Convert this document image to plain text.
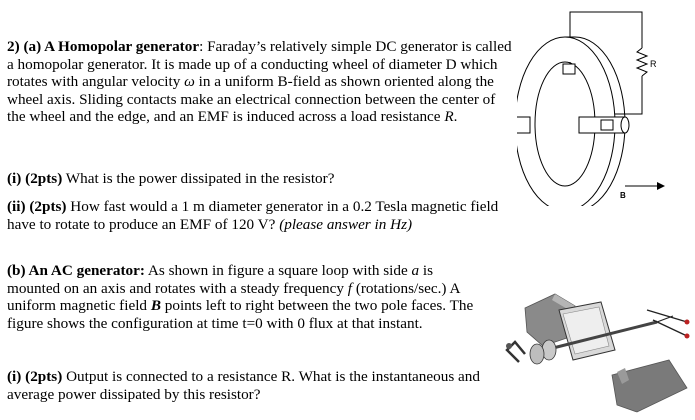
2) (a) A Homopolar generator: Faraday’s relatively simple DC generator is called a homopolar generator. It is made up of a conducting wheel of diameter D which rotates with angular velocity ω in a uniform B-field as shown oriented along the wheel axis. Sliding contacts make an electrical connection between the center of the wheel and the edge, and an EMF is induced across a load resistance R.

(i) (2pts) What is the power dissipated in the resistor?

(ii) (2pts) How fast would a 1 m diameter generator in a 0.2 Tesla magnetic field have to rotate to produce an EMF of 120 V? (please answer in Hz)

(b) An AC generator: As shown in figure a square loop with side a is mounted on an axis and rotates with a steady frequency f (rotations/sec.) A uniform magnetic field B points left to right between the two pole faces. The figure shows the configuration at time t=0 with 0 flux at that instant.

(i) (2pts) Output is connected to a resistance R. What is the instantaneous and average power dissipated by this resistor?

R
B
